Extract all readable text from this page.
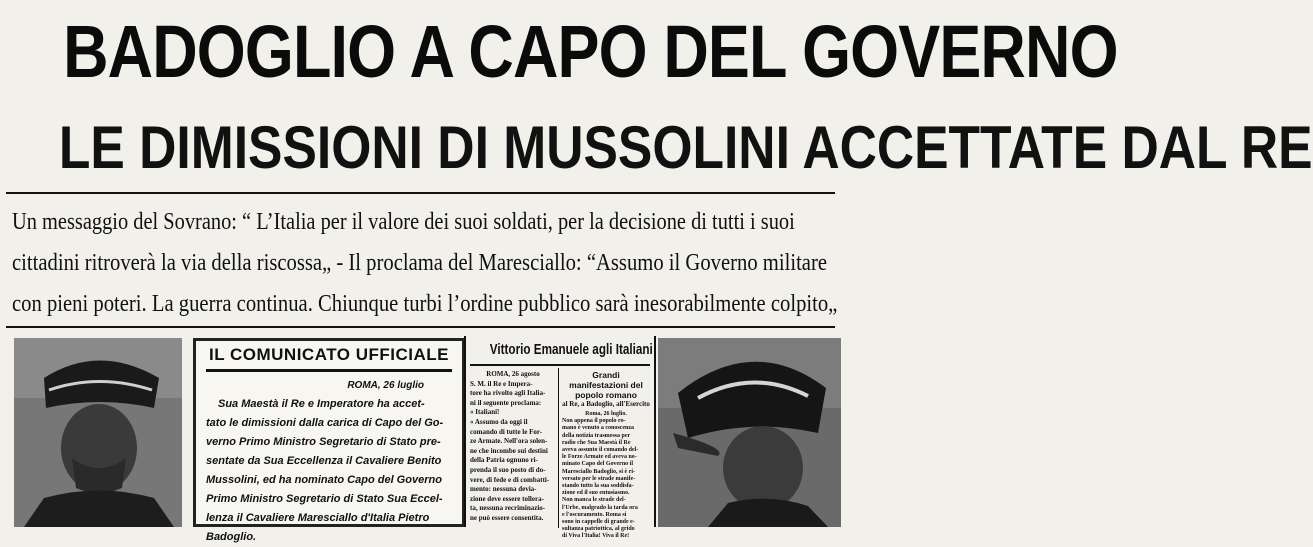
BADOGLIO A CAPO DEL GOVERNO
LE DIMISSIONI DI MUSSOLINI ACCETTATE DAL RE
Un messaggio del Sovrano: “ L’Italia per il valore dei suoi soldati, per la decisione di tutti i suoi
cittadini ritroverà la via della riscossa„ - Il proclama del Maresciallo: “Assumo il Governo militare
con pieni poteri. La guerra continua. Chiunque turbi l’ordine pubblico sarà inesorabilmente colpito„
IL COMUNICATO UFFICIALE
ROMA, 26 luglio
Sua Maestà il Re e Imperatore ha accet-
tato le dimissioni dalla carica di Capo del Go-
verno Primo Ministro Segretario di Stato pre-
sentate da Sua Eccellenza il Cavaliere Benito
Mussolini, ed ha nominato Capo del Governo
Primo Ministro Segretario di Stato Sua Eccel-
lenza il Cavaliere Maresciallo d'Italia Pietro
Badoglio.
Vittorio Emanuele agli Italiani
ROMA, 26 agosto
S. M. il Re e Impera-
tore ha rivolto agli Italia-
ni il seguente proclama:
« Italiani!
« Assumo da oggi il
comando di tutte le For-
ze Armate. Nell'ora solen-
ne che incombe sui destini
della Patria ognuno ri-
prenda il suo posto di do-
vere, di fede e di combatti-
mento: nessuna devia-
zione deve essere tollera-
ta, nessuna recriminazio-
ne può essere consentita.
Grandi manifestazioni del popolo romano
al Re, a Badoglio, all'Esercito
Roma, 26 luglio.
Non appena il popolo ro-
mano è venuto a conoscenza
della notizia trasmessa per
radio che Sua Maestà il Re
aveva assunto il comando del-
le Forze Armate ed aveva no-
minato Capo del Governo il
Maresciallo Badoglio, si è ri-
versato per le strade manife-
stando tutto la sua soddisfa-
zione ed il suo entusiasmo.
Non manca le strade del-
l'Urbe, malgrado la tarda ora
e l'oscuramento. Roma si
sono in cappelle di grande e-
sultanza patriottica, al grido
di Viva l'Italia! Viva il Re!
